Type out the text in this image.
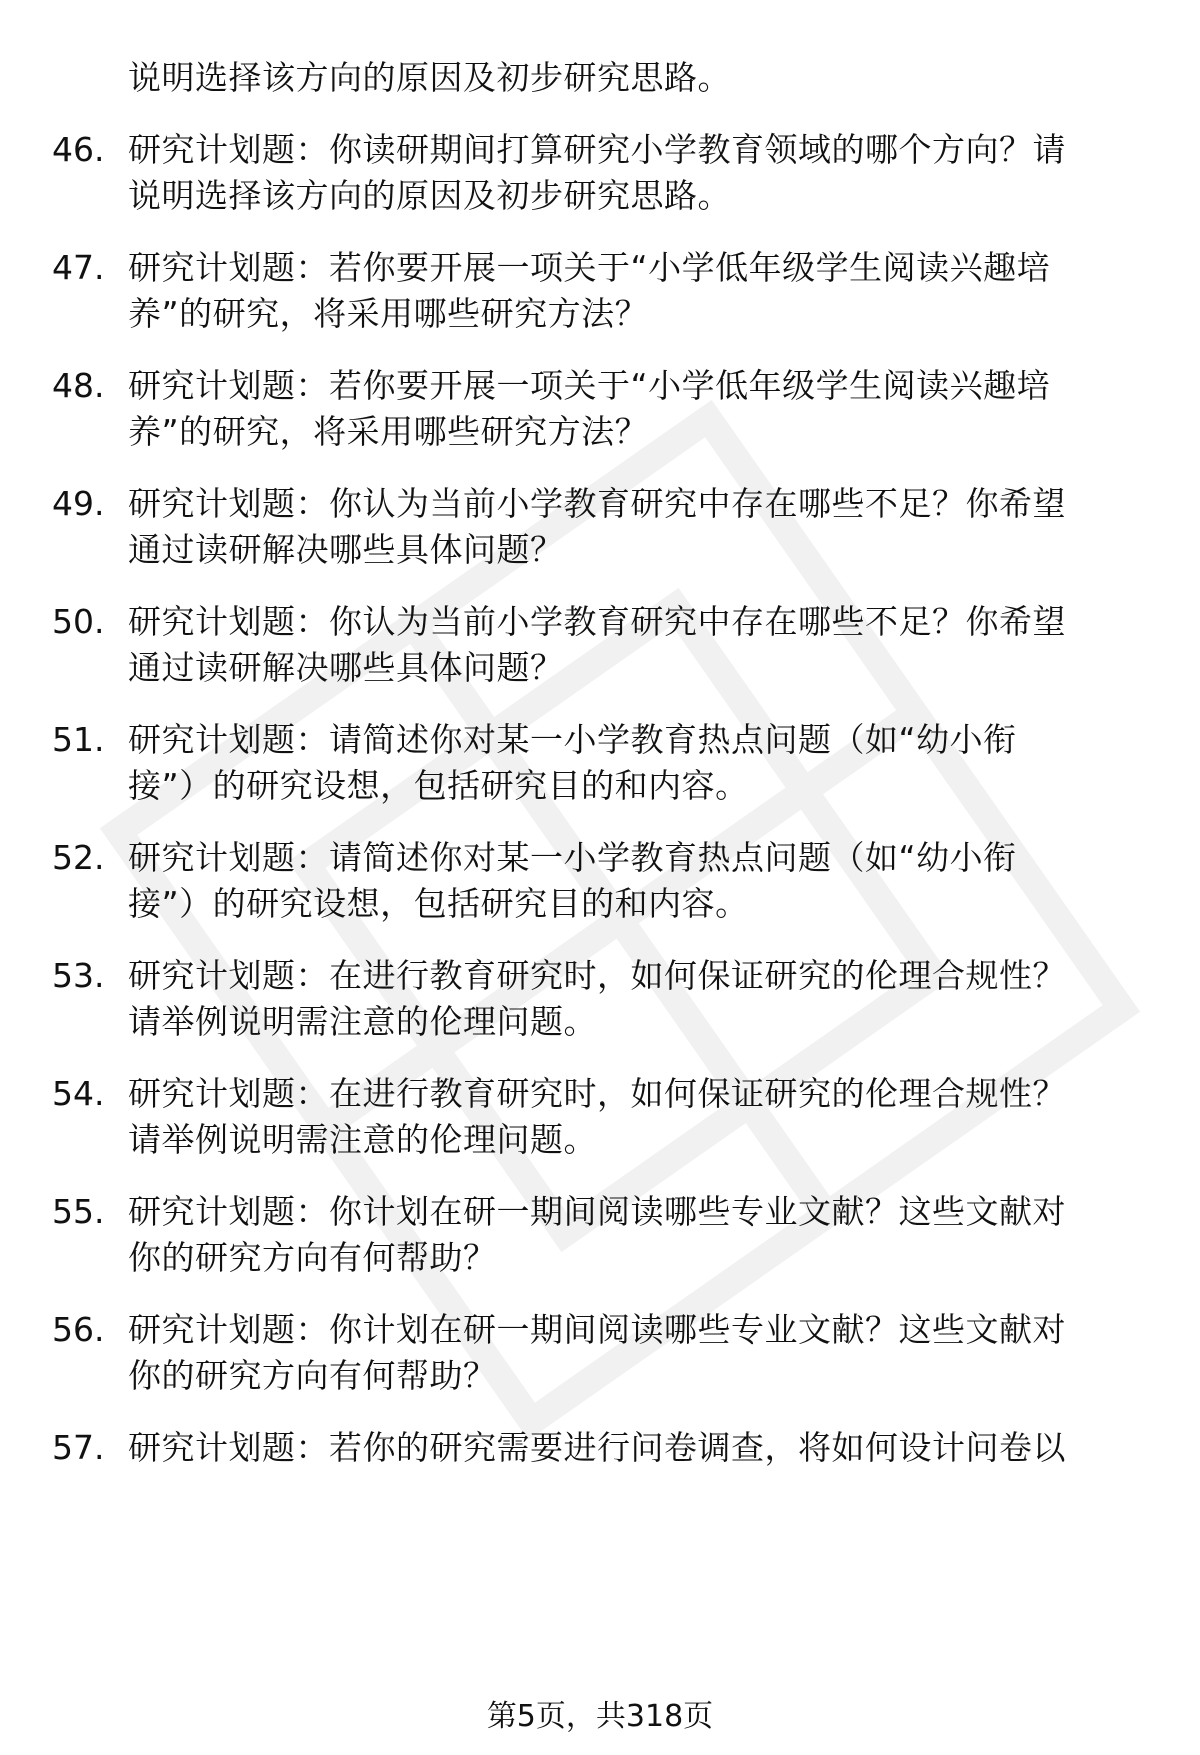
说明选择该方向的原因及初步研究思路。
46. 研究计划题：你读研期间打算研究小学教育领域的哪个方向？请
说明选择该方向的原因及初步研究思路。
47. 研究计划题：若你要开展一项关于“小学低年级学生阅读兴趣培
养”的研究，将采用哪些研究方法？
48. 研究计划题：若你要开展一项关于“小学低年级学生阅读兴趣培
养”的研究，将采用哪些研究方法？
49. 研究计划题：你认为当前小学教育研究中存在哪些不足？你希望
通过读研解决哪些具体问题？
50. 研究计划题：你认为当前小学教育研究中存在哪些不足？你希望
通过读研解决哪些具体问题？
51. 研究计划题：请简述你对某一小学教育热点问题（如“幼小衔
接”）的研究设想，包括研究目的和内容。
52. 研究计划题：请简述你对某一小学教育热点问题（如“幼小衔
接”）的研究设想，包括研究目的和内容。
53. 研究计划题：在进行教育研究时，如何保证研究的伦理合规性？
请举例说明需注意的伦理问题。
54. 研究计划题：在进行教育研究时，如何保证研究的伦理合规性？
请举例说明需注意的伦理问题。
55. 研究计划题：你计划在研一期间阅读哪些专业文献？这些文献对
你的研究方向有何帮助？
56. 研究计划题：你计划在研一期间阅读哪些专业文献？这些文献对
你的研究方向有何帮助？
57. 研究计划题：若你的研究需要进行问卷调查，将如何设计问卷以
第5页，共318页
